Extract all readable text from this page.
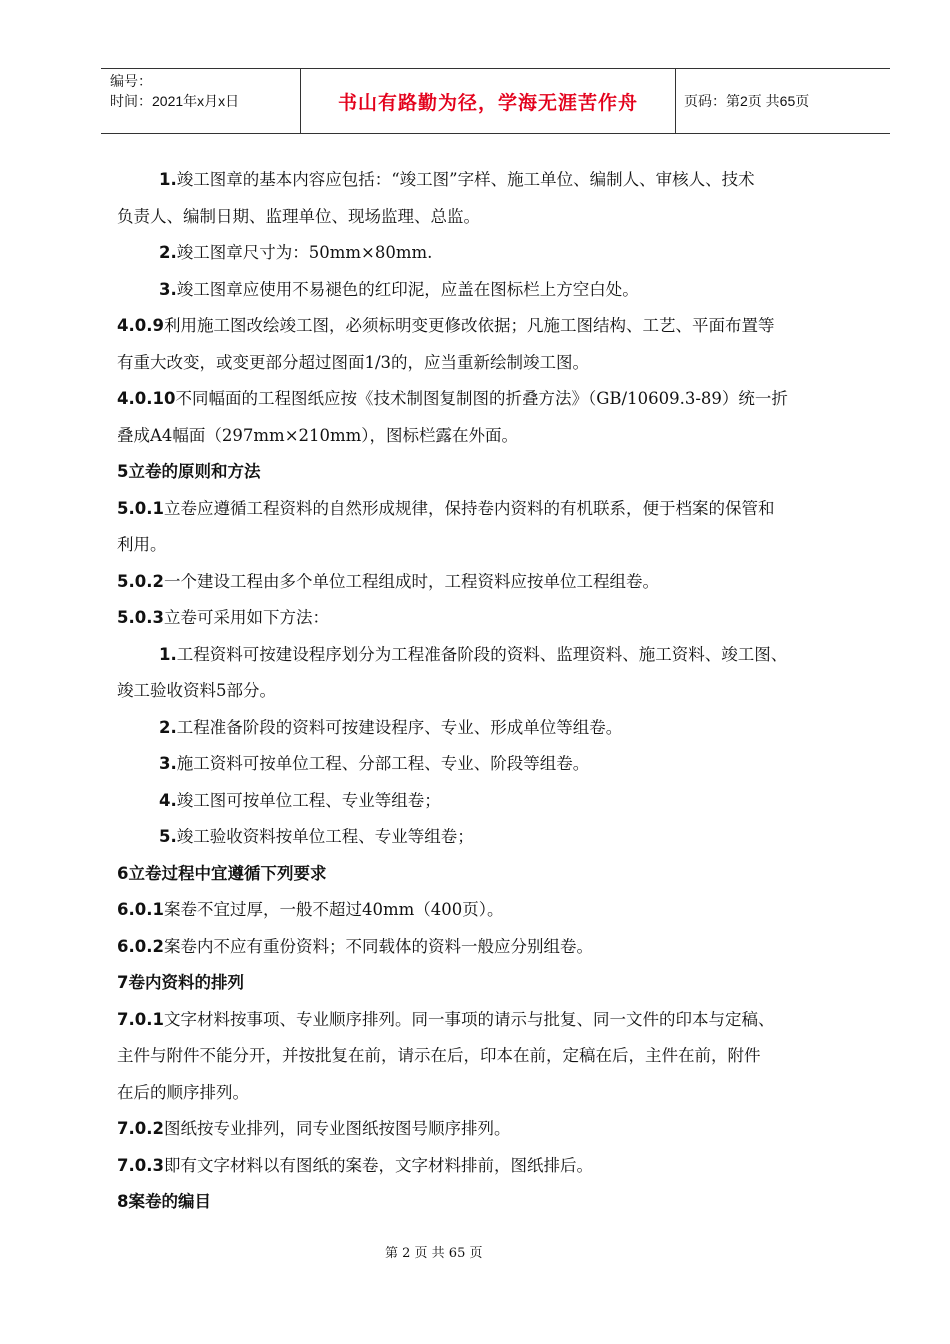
编号：
时间：2021年x月x日	书山有路勤为径，学海无涯苦作舟	页码：第2页 共65页

1.竣工图章的基本内容应包括：“竣工图”字样、施工单位、编制人、审核人、技术

负责人、编制日期、监理单位、现场监理、总监。

2.竣工图章尺寸为：50mm×80mm.

3.竣工图章应使用不易褪色的红印泥，应盖在图标栏上方空白处。

4.0.9利用施工图改绘竣工图，必须标明变更修改依据；凡施工图结构、工艺、平面布置等

有重大改变，或变更部分超过图面1/3的，应当重新绘制竣工图。

4.0.10不同幅面的工程图纸应按《技术制图复制图的折叠方法》（GB/10609.3-89）统一折

叠成A4幅面（297mm×210mm），图标栏露在外面。

5立卷的原则和方法

5.0.1立卷应遵循工程资料的自然形成规律，保持卷内资料的有机联系，便于档案的保管和

利用。

5.0.2一个建设工程由多个单位工程组成时，工程资料应按单位工程组卷。

5.0.3立卷可采用如下方法：

1.工程资料可按建设程序划分为工程准备阶段的资料、监理资料、施工资料、竣工图、

竣工验收资料5部分。

2.工程准备阶段的资料可按建设程序、专业、形成单位等组卷。

3.施工资料可按单位工程、分部工程、专业、阶段等组卷。

4.竣工图可按单位工程、专业等组卷；

5.竣工验收资料按单位工程、专业等组卷；

6立卷过程中宜遵循下列要求

6.0.1案卷不宜过厚，一般不超过40mm（400页）。

6.0.2案卷内不应有重份资料；不同载体的资料一般应分别组卷。

7卷内资料的排列

7.0.1文字材料按事项、专业顺序排列。同一事项的请示与批复、同一文件的印本与定稿、

主件与附件不能分开，并按批复在前，请示在后，印本在前，定稿在后，主件在前，附件

在后的顺序排列。

7.0.2图纸按专业排列，同专业图纸按图号顺序排列。

7.0.3即有文字材料以有图纸的案卷，文字材料排前，图纸排后。

8案卷的编目

第 2 页 共 65 页
